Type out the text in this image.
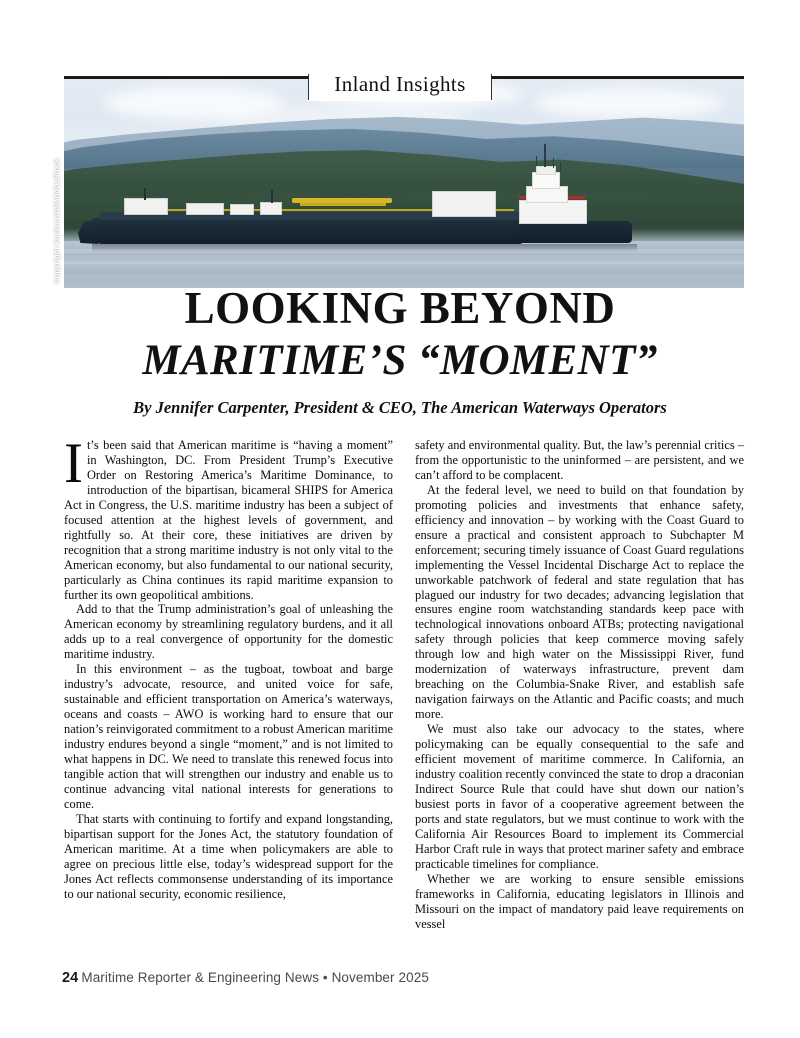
Copyright knelson20/AdobeStock
Inland Insights
LOOKING BEYOND
MARITIME’S “MOMENT”
By Jennifer Carpenter, President & CEO, The American Waterways Operators

It’s been said that American maritime is “having a moment” in Washington, DC. From President Trump’s Executive Order on Restoring America’s Maritime Dominance, to introduction of the bipartisan, bicameral SHIPS for America Act in Congress, the U.S. maritime industry has been a subject of focused attention at the highest levels of government, and rightfully so. At their core, these initiatives are driven by recognition that a strong maritime industry is not only vital to the American economy, but also fundamental to our national security, particularly as China continues its rapid maritime expansion to further its own geopolitical ambitions.

Add to that the Trump administration’s goal of unleashing the American economy by streamlining regulatory burdens, and it all adds up to a real convergence of opportunity for the domestic maritime industry.

In this environment – as the tugboat, towboat and barge industry’s advocate, resource, and united voice for safe, sustainable and efficient transportation on America’s waterways, oceans and coasts – AWO is working hard to ensure that our nation’s reinvigorated commitment to a robust American maritime industry endures beyond a single “moment,” and is not limited to what happens in DC. We need to translate this renewed focus into tangible action that will strengthen our industry and enable us to continue advancing vital national interests for generations to come.

That starts with continuing to fortify and expand longstanding, bipartisan support for the Jones Act, the statutory foundation of American maritime. At a time when policymakers are able to agree on precious little else, today’s widespread support for the Jones Act reflects commonsense understanding of its importance to our national security, economic resilience,

safety and environmental quality. But, the law’s perennial critics – from the opportunistic to the uninformed – are persistent, and we can’t afford to be complacent.

At the federal level, we need to build on that foundation by promoting policies and investments that enhance safety, efficiency and innovation – by working with the Coast Guard to ensure a practical and consistent approach to Subchapter M enforcement; securing timely issuance of Coast Guard regulations implementing the Vessel Incidental Discharge Act to replace the unworkable patchwork of federal and state regulation that has plagued our industry for two decades; advancing legislation that ensures engine room watchstanding standards keep pace with technological innovations onboard ATBs; protecting navigational safety through policies that keep commerce moving safely through low and high water on the Mississippi River, fund modernization of waterways infrastructure, prevent dam breaching on the Columbia-Snake River, and establish safe navigation fairways on the Atlantic and Pacific coasts; and much more.

We must also take our advocacy to the states, where policymaking can be equally consequential to the safe and efficient movement of maritime commerce. In California, an industry coalition recently convinced the state to drop a draconian Indirect Source Rule that could have shut down our nation’s busiest ports in favor of a cooperative agreement between the ports and state regulators, but we must continue to work with the California Air Resources Board to implement its Commercial Harbor Craft rule in ways that protect mariner safety and embrace practicable timelines for compliance.

Whether we are working to ensure sensible emissions frameworks in California, educating legislators in Illinois and Missouri on the impact of mandatory paid leave requirements on vessel

24 Maritime Reporter & Engineering News • November 2025
